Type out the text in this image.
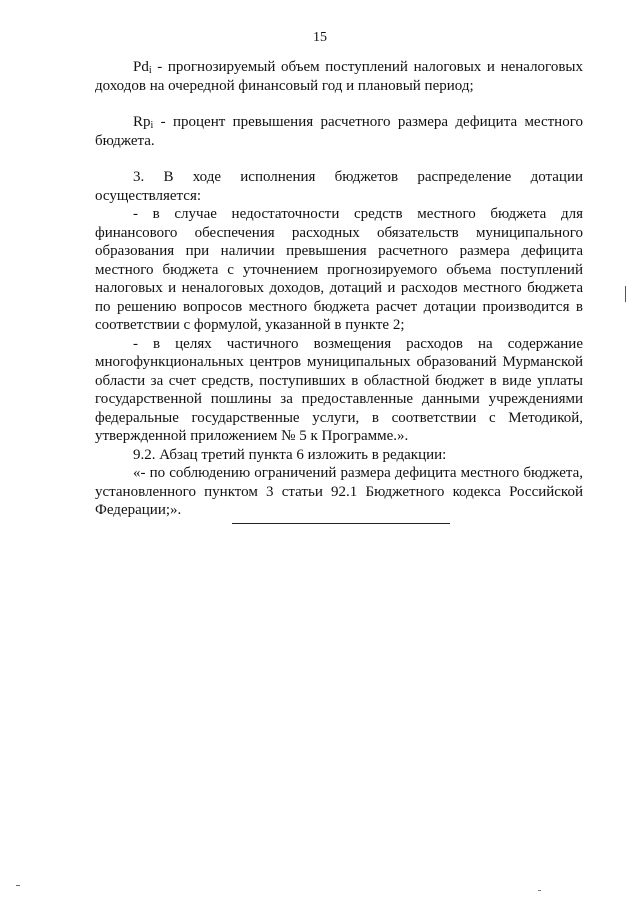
15

$Pd_i$ - прогнозируемый объем поступлений налоговых и неналоговых доходов на очередной финансовый год и плановый период;

$Rp_i$ - процент превышения расчетного размера дефицита местного бюджета.

3. В ходе исполнения бюджетов распределение дотации осуществляется:

- в случае недостаточности средств местного бюджета для финансового обеспечения расходных обязательств муниципального образования при наличии превышения расчетного размера дефицита местного бюджета с уточнением прогнозируемого объема поступлений налоговых и неналоговых доходов, дотаций и расходов местного бюджета по решению вопросов местного бюджета расчет дотации производится в соответствии с формулой, указанной в пункте 2;

- в целях частичного возмещения расходов на содержание многофункциональных центров муниципальных образований Мурманской области за счет средств, поступивших в областной бюджет в виде уплаты государственной пошлины за предоставленные данными учреждениями федеральные государственные услуги, в соответствии с Методикой, утвержденной приложением № 5 к Программе.».

9.2. Абзац третий пункта 6 изложить в редакции:

«- по соблюдению ограничений размера дефицита местного бюджета, установленного пунктом 3 статьи 92.1 Бюджетного кодекса Российской Федерации;».
